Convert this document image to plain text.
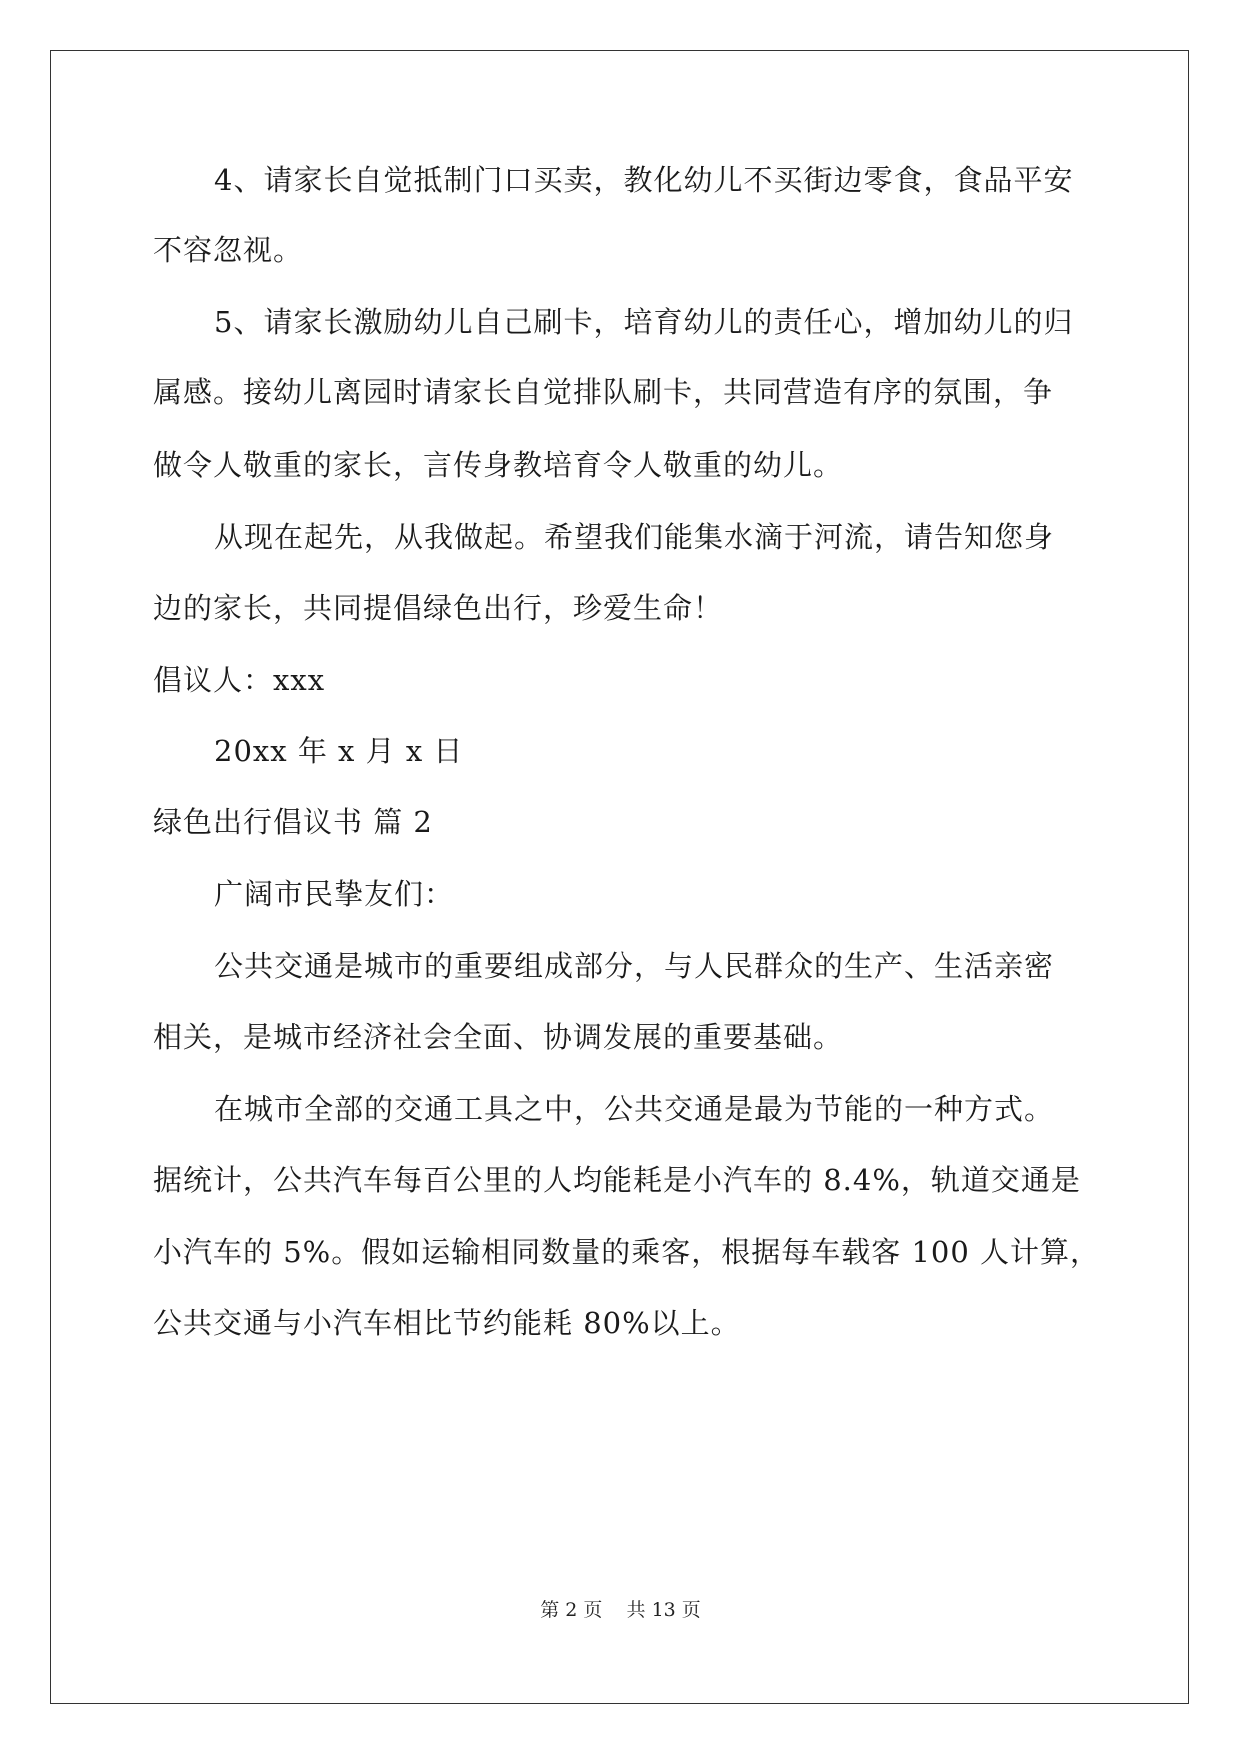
4、请家长自觉抵制门口买卖，教化幼儿不买街边零食，食品平安
不容忽视。
5、请家长激励幼儿自己刷卡，培育幼儿的责任心，增加幼儿的归
属感。接幼儿离园时请家长自觉排队刷卡，共同营造有序的氛围，争
做令人敬重的家长，言传身教培育令人敬重的幼儿。
从现在起先，从我做起。希望我们能集水滴于河流，请告知您身
边的家长，共同提倡绿色出行，珍爱生命！
倡议人：xxx
20xx 年 x 月 x 日
绿色出行倡议书 篇 2
广阔市民挚友们：
公共交通是城市的重要组成部分，与人民群众的生产、生活亲密
相关，是城市经济社会全面、协调发展的重要基础。
在城市全部的交通工具之中，公共交通是最为节能的一种方式。
据统计，公共汽车每百公里的人均能耗是小汽车的 8.4%，轨道交通是
小汽车的 5%。假如运输相同数量的乘客，根据每车载客 100 人计算，
公共交通与小汽车相比节约能耗 80%以上。
第 2 页    共 13 页
